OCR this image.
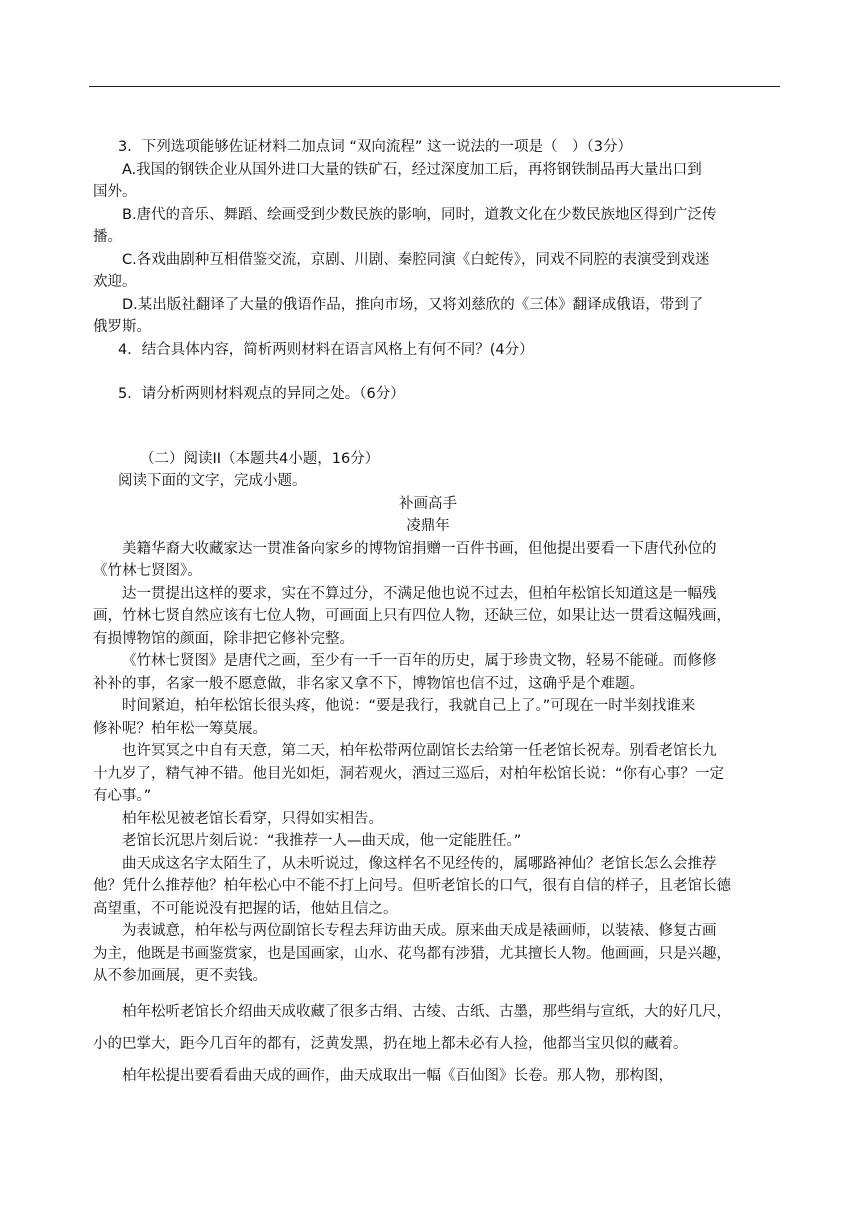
3．下列选项能够佐证材料二加点词 “双向流程” 这一说法的一项是（　）（3分）
A.我国的钢铁企业从国外进口大量的铁矿石，经过深度加工后，再将钢铁制品再大量出口到
国外。
B.唐代的音乐、舞蹈、绘画受到少数民族的影响，同时，道教文化在少数民族地区得到广泛传
播。
C.各戏曲剧种互相借鉴交流，京剧、川剧、秦腔同演《白蛇传》，同戏不同腔的表演受到戏迷
欢迎。
D.某出版社翻译了大量的俄语作品，推向市场，又将刘慈欣的《三体》翻译成俄语，带到了
俄罗斯。
4．结合具体内容，简析两则材料在语言风格上有何不同？(4分）
5．请分析两则材料观点的异同之处。（6分）
（二）阅读II（本题共4小题，16分）
阅读下面的文字，完成小题。
补画高手
凌鼎年
美籍华裔大收藏家达一贯准备向家乡的博物馆捐赠一百件书画，但他提出要看一下唐代孙位的
《竹林七贤图》。
达一贯提出这样的要求，实在不算过分，不满足他也说不过去，但柏年松馆长知道这是一幅残
画，竹林七贤自然应该有七位人物，可画面上只有四位人物，还缺三位，如果让达一贯看这幅残画，
有损博物馆的颜面，除非把它修补完整。
《竹林七贤图》是唐代之画，至少有一千一百年的历史，属于珍贵文物，轻易不能碰。而修修
补补的事，名家一般不愿意做，非名家又拿不下，博物馆也信不过，这确乎是个难题。
时间紧迫，柏年松馆长很头疼，他说：“要是我行，我就自己上了。”可现在一时半刻找谁来
修补呢？柏年松一筹莫展。
也许冥冥之中自有天意，第二天，柏年松带两位副馆长去给第一任老馆长祝寿。别看老馆长九
十九岁了，精气神不错。他目光如炬，洞若观火，酒过三巡后，对柏年松馆长说：“你有心事？一定
有心事。”
柏年松见被老馆长看穿，只得如实相告。
老馆长沉思片刻后说：“我推荐一人—曲天成，他一定能胜任。”
曲天成这名字太陌生了，从未听说过，像这样名不见经传的，属哪路神仙？老馆长怎么会推荐
他？凭什么推荐他？柏年松心中不能不打上问号。但听老馆长的口气，很有自信的样子，且老馆长德
高望重，不可能说没有把握的话，他姑且信之。
为表诚意，柏年松与两位副馆长专程去拜访曲天成。原来曲天成是裱画师，以装裱、修复古画
为主，他既是书画鉴赏家，也是国画家，山水、花鸟都有涉猎，尤其擅长人物。他画画，只是兴趣，
从不参加画展，更不卖钱。
柏年松听老馆长介绍曲天成收藏了很多古绢、古绫、古纸、古墨，那些绢与宣纸，大的好几尺，
小的巴掌大，距今几百年的都有，泛黄发黑，扔在地上都未必有人捡，他都当宝贝似的藏着。
柏年松提出要看看曲天成的画作，曲天成取出一幅《百仙图》长卷。那人物，那构图，
